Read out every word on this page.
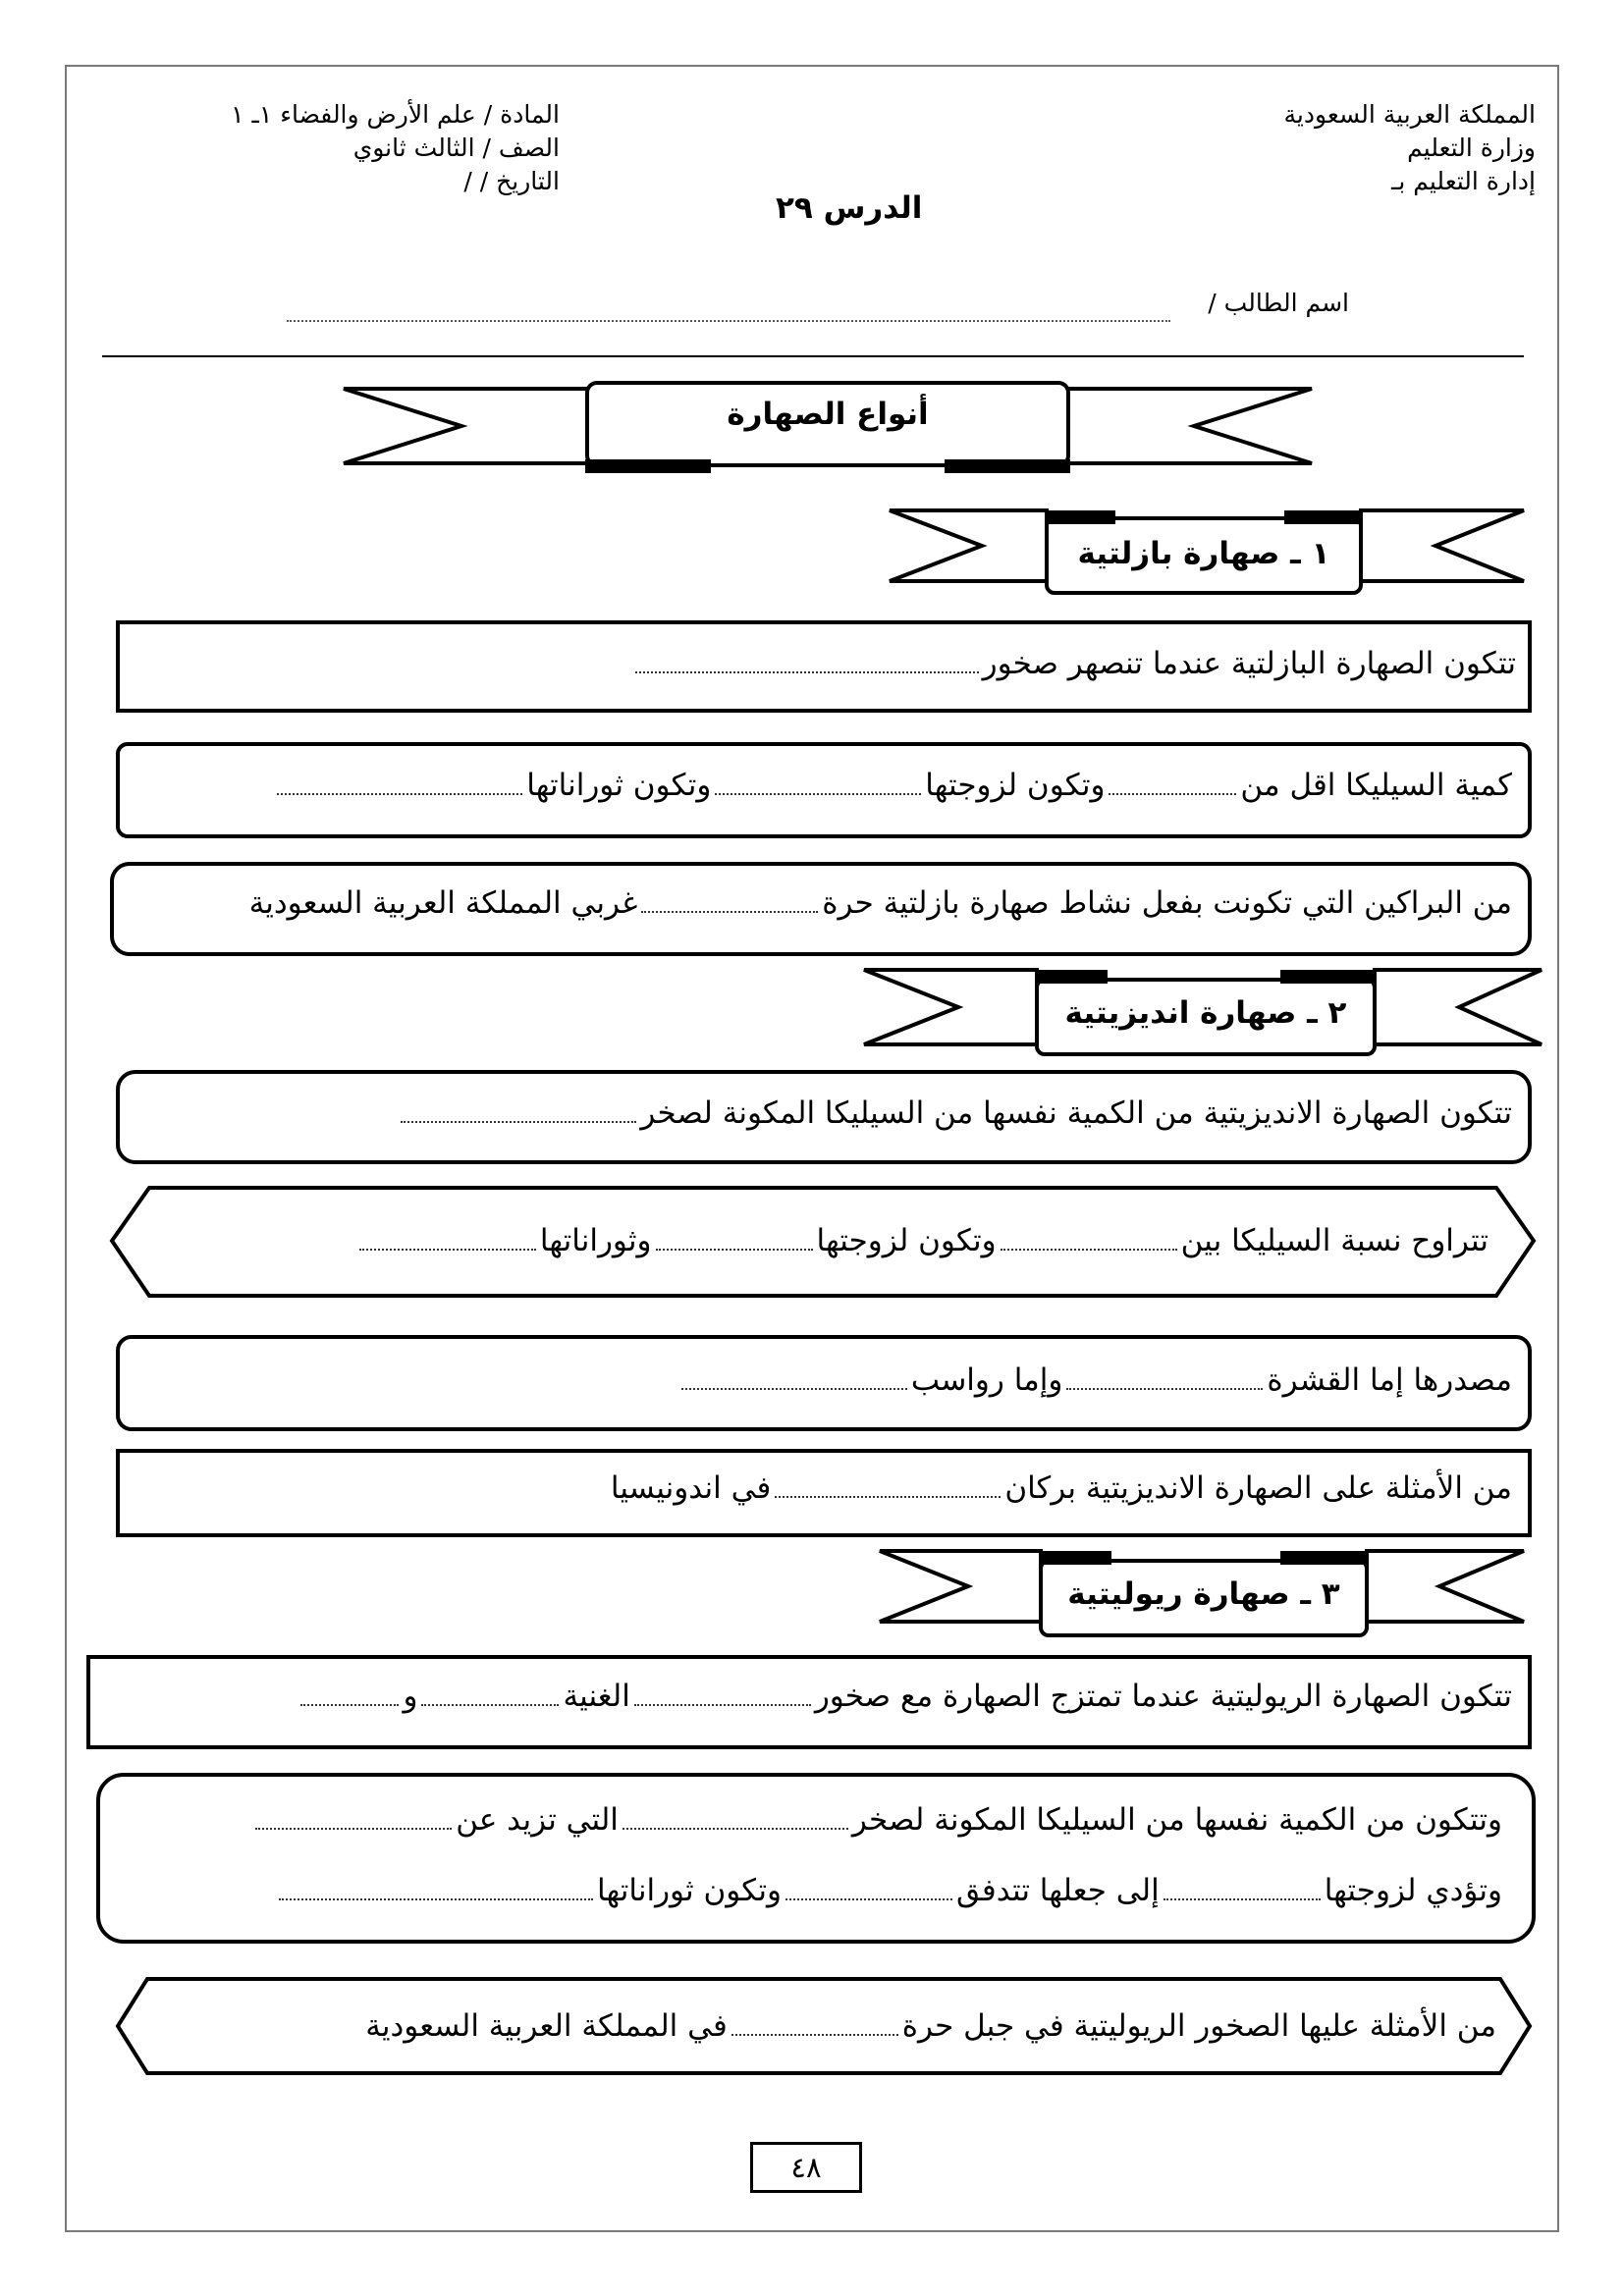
المملكة العربية السعودية
وزارة التعليم
إدارة التعليم بـ
المادة / علم الأرض والفضاء ١ـ ١
الصف / الثالث ثانوي
التاريخ / /
الدرس ٢٩
اسم الطالب /
أنواع الصهارة
١ ـ صهارة بازلتية
٢ ـ صهارة انديزيتية
٣ ـ صهارة ريوليتية
تتكون الصهارة البازلتية عندما تنصهر صخور
كمية السيليكا اقل منوتكون لزوجتهاوتكون ثوراناتها
من البراكين التي تكونت بفعل نشاط صهارة بازلتية حرةغربي المملكة العربية السعودية
تتكون الصهارة الانديزيتية من الكمية نفسها من السيليكا المكونة لصخر
تتراوح نسبة السيليكا بينوتكون لزوجتهاوثوراناتها
مصدرها إما القشرةوإما رواسب
من الأمثلة على الصهارة الانديزيتية بركانفي اندونيسيا
تتكون الصهارة الريوليتية عندما تمتزج الصهارة مع صخورالغنيةو
وتتكون من الكمية نفسها من السيليكا المكونة لصخرالتي تزيد عن
وتؤدي لزوجتهاإلى جعلها تتدفقوتكون ثوراناتها
من الأمثلة عليها الصخور الريوليتية في جبل حرةفي المملكة العربية السعودية
٤٨
